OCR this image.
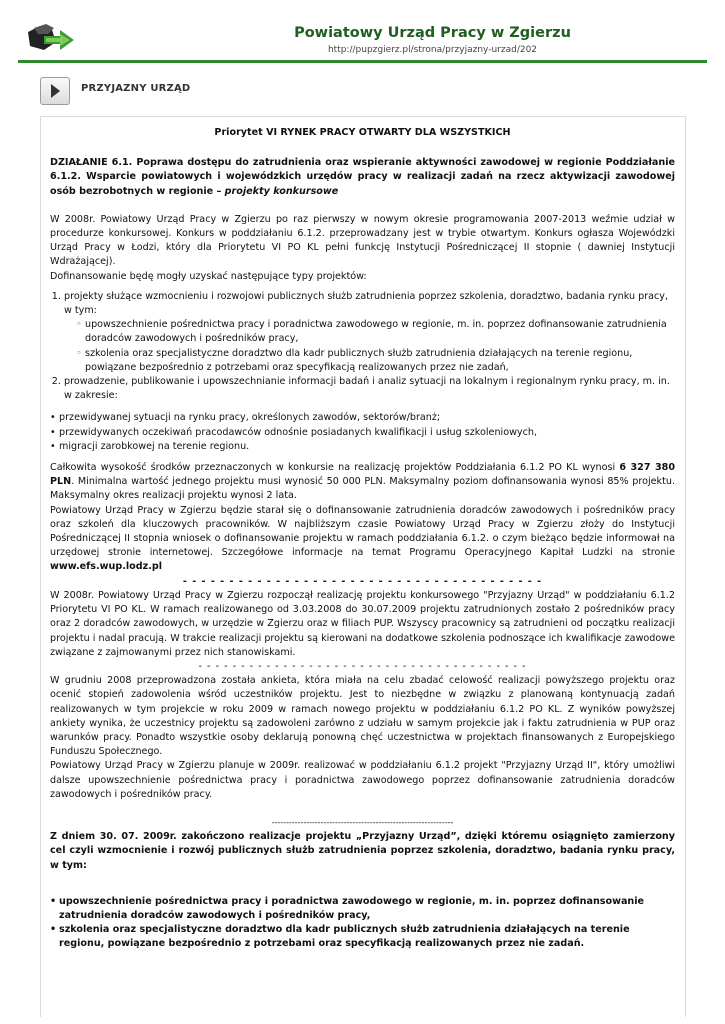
Powiatowy Urząd Pracy w Zgierzu
http://pupzgierz.pl/strona/przyjazny-urzad/202
PRZYJAZNY URZĄD

Priorytet VI RYNEK PRACY OTWARTY DLA WSZYSTKICH

DZIAŁANIE 6.1. Poprawa dostępu do zatrudnienia oraz wspieranie aktywności zawodowej w regionie Poddziałanie 6.1.2. Wsparcie powiatowych i wojewódzkich urzędów pracy w realizacji zadań na rzecz aktywizacji zawodowej osób bezrobotnych w regionie – projekty konkursowe

W 2008r. Powiatowy Urząd Pracy w Zgierzu po raz pierwszy w nowym okresie programowania 2007-2013 weźmie udział w procedurze konkursowej. Konkurs w poddziałaniu 6.1.2. przeprowadzany jest w trybie otwartym. Konkurs ogłasza Wojewódzki Urząd Pracy w Łodzi, który dla Priorytetu VI PO KL pełni funkcję Instytucji Pośredniczącej II stopnie ( dawniej Instytucji Wdrażającej).

Dofinansowanie będę mogły uzyskać następujące typy projektów:

1. projekty służące wzmocnieniu i rozwojowi publicznych służb zatrudnienia poprzez szkolenia, doradztwo, badania rynku pracy, w tym:
◦ upowszechnienie pośrednictwa pracy i poradnictwa zawodowego w regionie, m. in. poprzez dofinansowanie zatrudnienia doradców zawodowych i pośredników pracy,
◦ szkolenia oraz specjalistyczne doradztwo dla kadr publicznych służb zatrudnienia działających na terenie regionu, powiązane bezpośrednio z potrzebami oraz specyfikacją realizowanych przez nie zadań,
2. prowadzenie, publikowanie i upowszechnianie informacji badań i analiz sytuacji na lokalnym i regionalnym rynku pracy, m. in. w zakresie:
• przewidywanej sytuacji na rynku pracy, określonych zawodów, sektorów/branż;
• przewidywanych oczekiwań pracodawców odnośnie posiadanych kwalifikacji i usług szkoleniowych,
• migracji zarobkowej na terenie regionu.

Całkowita wysokość środków przeznaczonych w konkursie na realizację projektów Poddziałania 6.1.2 PO KL wynosi 6 327 380 PLN. Minimalna wartość jednego projektu musi wynosić 50 000 PLN. Maksymalny poziom dofinansowania wynosi 85% projektu. Maksymalny okres realizacji projektu wynosi 2 lata.

Powiatowy Urząd Pracy w Zgierzu będzie starał się o dofinansowanie zatrudnienia doradców zawodowych i pośredników pracy oraz szkoleń dla kluczowych pracowników. W najbliższym czasie Powiatowy Urząd Pracy w Zgierzu złoży do Instytucji Pośredniczącej II stopnia wniosek o dofinansowanie projektu w ramach poddziałania 6.1.2. o czym bieżąco będzie informował na urzędowej stronie internetowej. Szczegółowe informacje na temat Programu Operacyjnego Kapitał Ludzki na stronie www.efs.wup.lodz.pl

- - - - - - - - - - - - - - - - - - - - - - - - - - - - - - - - - - - - - - -

W 2008r. Powiatowy Urząd Pracy w Zgierzu rozpoczął realizację projektu konkursowego "Przyjazny Urząd" w poddziałaniu 6.1.2 Priorytetu VI PO KL. W ramach realizowanego od 3.03.2008 do 30.07.2009 projektu zatrudnionych zostało 2 pośredników pracy oraz 2 doradców zawodowych, w urzędzie w Zgierzu oraz w filiach PUP. Wszyscy pracownicy są zatrudnieni od początku realizacji projektu i nadal pracują. W trakcie realizacji projektu są kierowani na dodatkowe szkolenia podnoszące ich kwalifikacje zawodowe związane z zajmowanymi przez nich stanowiskami.

- - - - - - - - - - - - - - - - - - - - - - - - - - - - - - - - - - - - - - -

W grudniu 2008 przeprowadzona została ankieta, która miała na celu zbadać celowość realizacji powyższego projektu oraz ocenić stopień zadowolenia wśród uczestników projektu. Jest to niezbędne w związku z planowaną kontynuacją zadań realizowanych w tym projekcie w roku 2009 w ramach nowego projektu w poddziałaniu 6.1.2 PO KL. Z wyników powyższej ankiety wynika, że uczestnicy projektu są zadowoleni zarówno z udziału w samym projekcie jak i faktu zatrudnienia w PUP oraz warunków pracy. Ponadto wszystkie osoby deklarują ponowną chęć uczestnictwa w projektach finansowanych z Europejskiego Funduszu Społecznego.

Powiatowy Urząd Pracy w Zgierzu planuje w 2009r. realizować w poddziałaniu 6.1.2 projekt "Przyjazny Urząd II", który umożliwi dalsze upowszechnienie pośrednictwa pracy i poradnictwa zawodowego poprzez dofinansowanie zatrudnienia doradców zawodowych i pośredników pracy.

---------------------------------------------------------------

Z dniem 30. 07. 2009r. zakończono realizacje projektu „Przyjazny Urząd”, dzięki któremu osiągnięto zamierzony cel czyli wzmocnienie i rozwój publicznych służb zatrudnienia poprzez szkolenia, doradztwo, badania rynku pracy, w tym:

• upowszechnienie pośrednictwa pracy i poradnictwa zawodowego w regionie, m. in. poprzez dofinansowanie zatrudnienia doradców zawodowych i pośredników pracy,
• szkolenia oraz specjalistyczne doradztwo dla kadr publicznych służb zatrudnienia działających na terenie regionu, powiązane bezpośrednio z potrzebami oraz specyfikacją realizowanych przez nie zadań.
